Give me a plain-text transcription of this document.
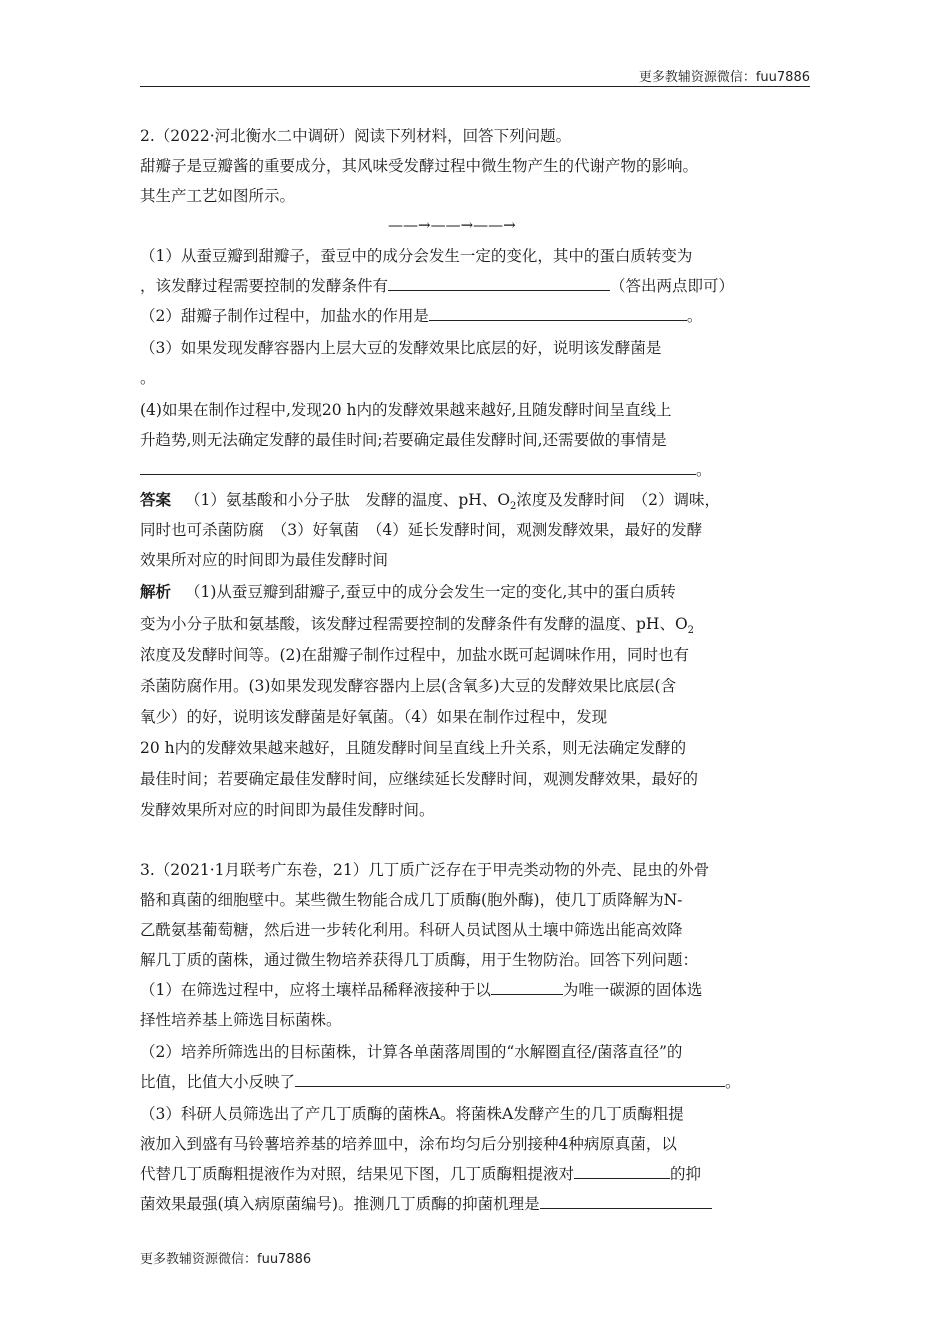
更多教辅资源微信：fuu7886
2.（2022·河北衡水二中调研）阅读下列材料，回答下列问题。
甜瓣子是豆瓣酱的重要成分，其风味受发酵过程中微生物产生的代谢产物的影响。
其生产工艺如图所示。
——→——→——→
（1）从蚕豆瓣到甜瓣子，蚕豆中的成分会发生一定的变化，其中的蛋白质转变为
，该发酵过程需要控制的发酵条件有	（答出两点即可）
（2）甜瓣子制作过程中，加盐水的作用是	。
（3）如果发现发酵容器内上层大豆的发酵效果比底层的好，说明该发酵菌是
。
(4)如果在制作过程中,发现20 h内的发酵效果越来越好,且随发酵时间呈直线上
升趋势,则无法确定发酵的最佳时间;若要确定最佳发酵时间,还需要做的事情是
。
答案 （1）氨基酸和小分子肽　发酵的温度、pH、$O_2$浓度及发酵时间　（2）调味，
同时也可杀菌防腐　（3）好氧菌　（4）延长发酵时间，观测发酵效果，最好的发酵
效果所对应的时间即为最佳发酵时间
解析 （1)从蚕豆瓣到甜瓣子,蚕豆中的成分会发生一定的变化,其中的蛋白质转
变为小分子肽和氨基酸，该发酵过程需要控制的发酵条件有发酵的温度、pH、$O_2$
浓度及发酵时间等。(2)在甜瓣子制作过程中，加盐水既可起调味作用，同时也有
杀菌防腐作用。(3)如果发现发酵容器内上层(含氧多)大豆的发酵效果比底层(含
氧少）的好，说明该发酵菌是好氧菌。（4）如果在制作过程中，发现
20 h内的发酵效果越来越好，且随发酵时间呈直线上升关系，则无法确定发酵的
最佳时间；若要确定最佳发酵时间，应继续延长发酵时间，观测发酵效果，最好的
发酵效果所对应的时间即为最佳发酵时间。
3.（2021·1月联考广东卷，21）几丁质广泛存在于甲壳类动物的外壳、昆虫的外骨
骼和真菌的细胞壁中。某些微生物能合成几丁质酶(胞外酶)，使几丁质降解为N-
乙酰氨基葡萄糖，然后进一步转化利用。科研人员试图从土壤中筛选出能高效降
解几丁质的菌株，通过微生物培养获得几丁质酶，用于生物防治。回答下列问题：
（1）在筛选过程中，应将土壤样品稀释液接种于以	为唯一碳源的固体选
择性培养基上筛选目标菌株。
（2）培养所筛选出的目标菌株，计算各单菌落周围的“水解圈直径/菌落直径”的
比值，比值大小反映了	。
（3）科研人员筛选出了产几丁质酶的菌株A。将菌株A发酵产生的几丁质酶粗提
液加入到盛有马铃薯培养基的培养皿中，涂布均匀后分别接种4种病原真菌，以
代替几丁质酶粗提液作为对照，结果见下图，几丁质酶粗提液对	的抑
菌效果最强(填入病原菌编号)。推测几丁质酶的抑菌机理是
更多教辅资源微信：fuu7886
